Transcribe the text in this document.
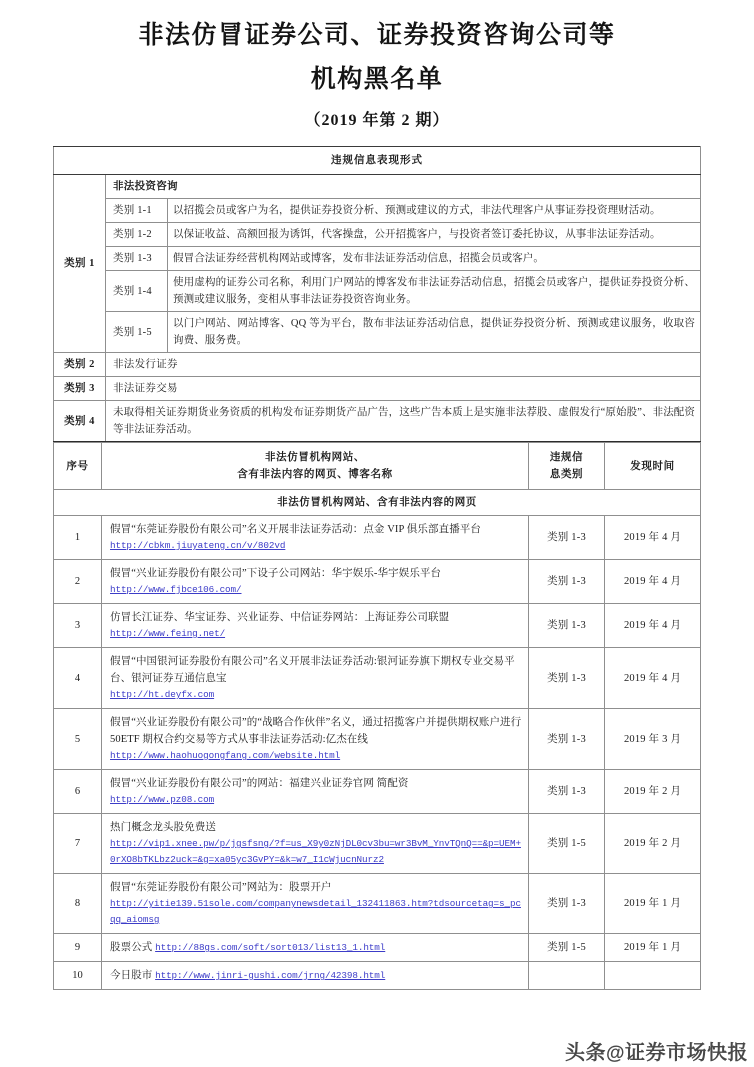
非法仿冒证券公司、证券投资咨询公司等
机构黑名单
（2019 年第 2 期）
违规信息表现形式		
类别 1	非法投资咨询	
	类别 1-1	以招揽会员或客户为名，提供证券投资分析、预测或建议的方式，非法代理客户从事证券投资理财活动。
	类别 1-2	以保证收益、高额回报为诱饵，代客操盘，公开招揽客户，与投资者签订委托协议，从事非法证券活动。
	类别 1-3	假冒合法证券经营机构网站或博客，发布非法证券活动信息，招揽会员或客户。
	类别 1-4	使用虚构的证券公司名称，利用门户网站的博客发布非法证券活动信息，招揽会员或客户，提供证券投资分析、预测或建议服务，变相从事非法证券投资咨询业务。
	类别 1-5	以门户网站、网站博客、QQ 等为平台，散布非法证券活动信息，提供证券投资分析、预测或建议服务，收取咨询费、服务费。
类别 2	非法发行证券	
类别 3	非法证券交易	
类别 4	未取得相关证券期货业务资质的机构发布证券期货产品广告，这些广告本质上是实施非法荐股、虚假发行“原始股”、非法配资等非法证券活动。	
序号	非法仿冒机构网站、
含有非法内容的网页、博客名称	违规信
息类别	发现时间
非法仿冒机构网站、含有非法内容的网页			
1	假冒“东莞证券股份有限公司”名义开展非法证券活动：点金 VIP 俱乐部直播平台
http://cbkm.jiuyateng.cn/v/802vd	类别 1-3	2019 年 4 月
2	假冒“兴业证券股份有限公司”下设子公司网站：华宇娱乐-华宇娱乐平台
http://www.fjbce106.com/	类别 1-3	2019 年 4 月
3	仿冒长江证券、华宝证券、兴业证券、中信证券网站：上海证券公司联盟
http://www.feing.net/	类别 1-3	2019 年 4 月
4	假冒“中国银河证券股份有限公司”名义开展非法证券活动:银河证券旗下期权专业交易平台、银河证券互通信息宝
http://ht.deyfx.com	类别 1-3	2019 年 4 月
5	假冒“兴业证券股份有限公司”的“战略合作伙伴”名义，通过招揽客户并提供期权账户进行 50ETF 期权合约交易等方式从事非法证券活动:亿杰在线
http://www.haohuogongfang.com/website.html	类别 1-3	2019 年 3 月
6	假冒“兴业证券股份有限公司”的网站：福建兴业证券官网 简配资
http://www.pz08.com	类别 1-3	2019 年 2 月
7	热门概念龙头股免费送
http://vip1.xnee.pw/p/jgsfsng/?f=us_X9y0zNjDL0cv3bu=wr3BvM_YnvTQnQ==&p=UEM+0rXO8bTKLbz2uck=&g=xa05yc3GvPY=&k=w7_I1cWjucnNurz2	类别 1-5	2019 年 2 月
8	假冒“东莞证券股份有限公司”网站为：股票开户
http://yitie139.51sole.com/companynewsdetail_132411863.htm?tdsourcetag=s_pcqq_aiomsg	类别 1-3	2019 年 1 月
9	股票公式 http://88gs.com/soft/sort013/list13_1.html	类别 1-5	2019 年 1 月
10	今日股市 http://www.jinri-gushi.com/jrng/42398.html		
头条@证券市场快报
